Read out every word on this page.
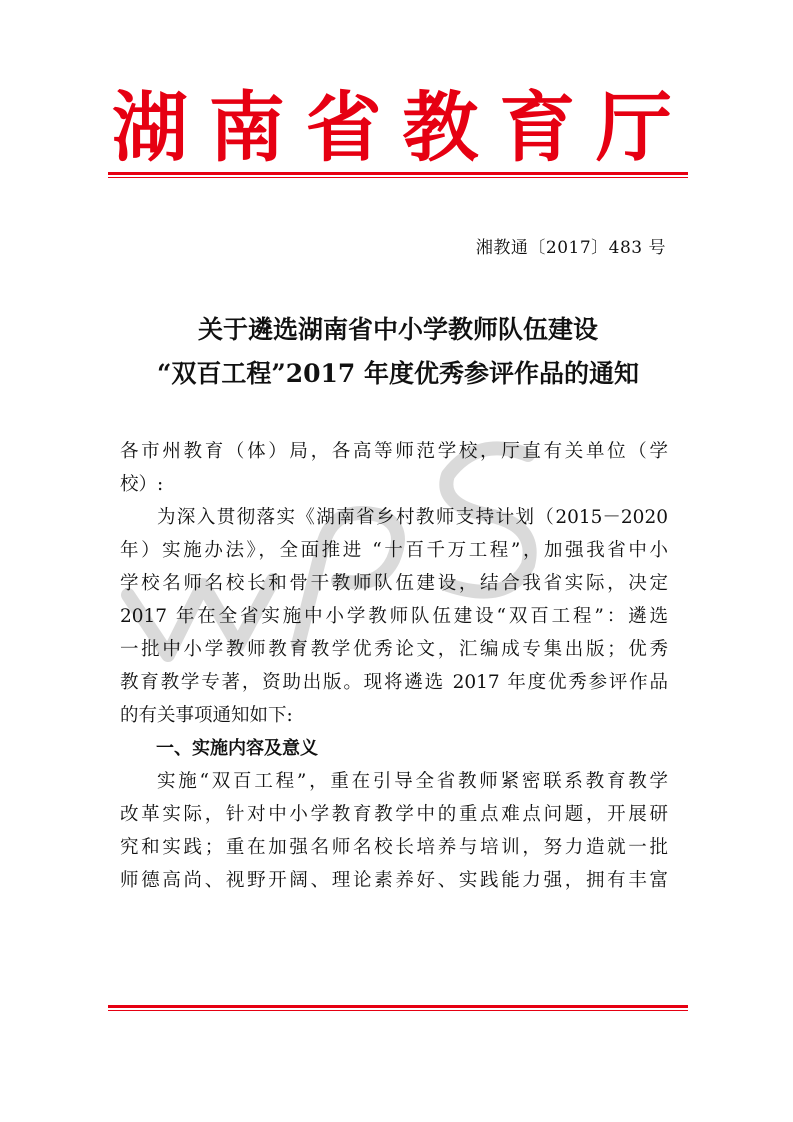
湖 南 省 教 育 厅
湘教通〔2017〕483 号
关于遴选湖南省中小学教师队伍建设
“双百工程”2017 年度优秀参评作品的通知
各市州教育（体）局，各高等师范学校，厅直有关单位（学
校）:
为深入贯彻落实《湖南省乡村教师支持计划（2015－2020
年）实施办法》，全面推进 “十百千万工程”，加强我省中小
学校名师名校长和骨干教师队伍建设，结合我省实际，决定
2017 年在全省实施中小学教师队伍建设“双百工程”：遴选
一批中小学教师教育教学优秀论文，汇编成专集出版；优秀
教育教学专著，资助出版。现将遴选 2017 年度优秀参评作品
的有关事项通知如下:
一、实施内容及意义
实施“双百工程”，重在引导全省教师紧密联系教育教学
改革实际，针对中小学教育教学中的重点难点问题，开展研
究和实践；重在加强名师名校长培养与培训，努力造就一批
师德高尚、视野开阔、理论素养好、实践能力强，拥有丰富
